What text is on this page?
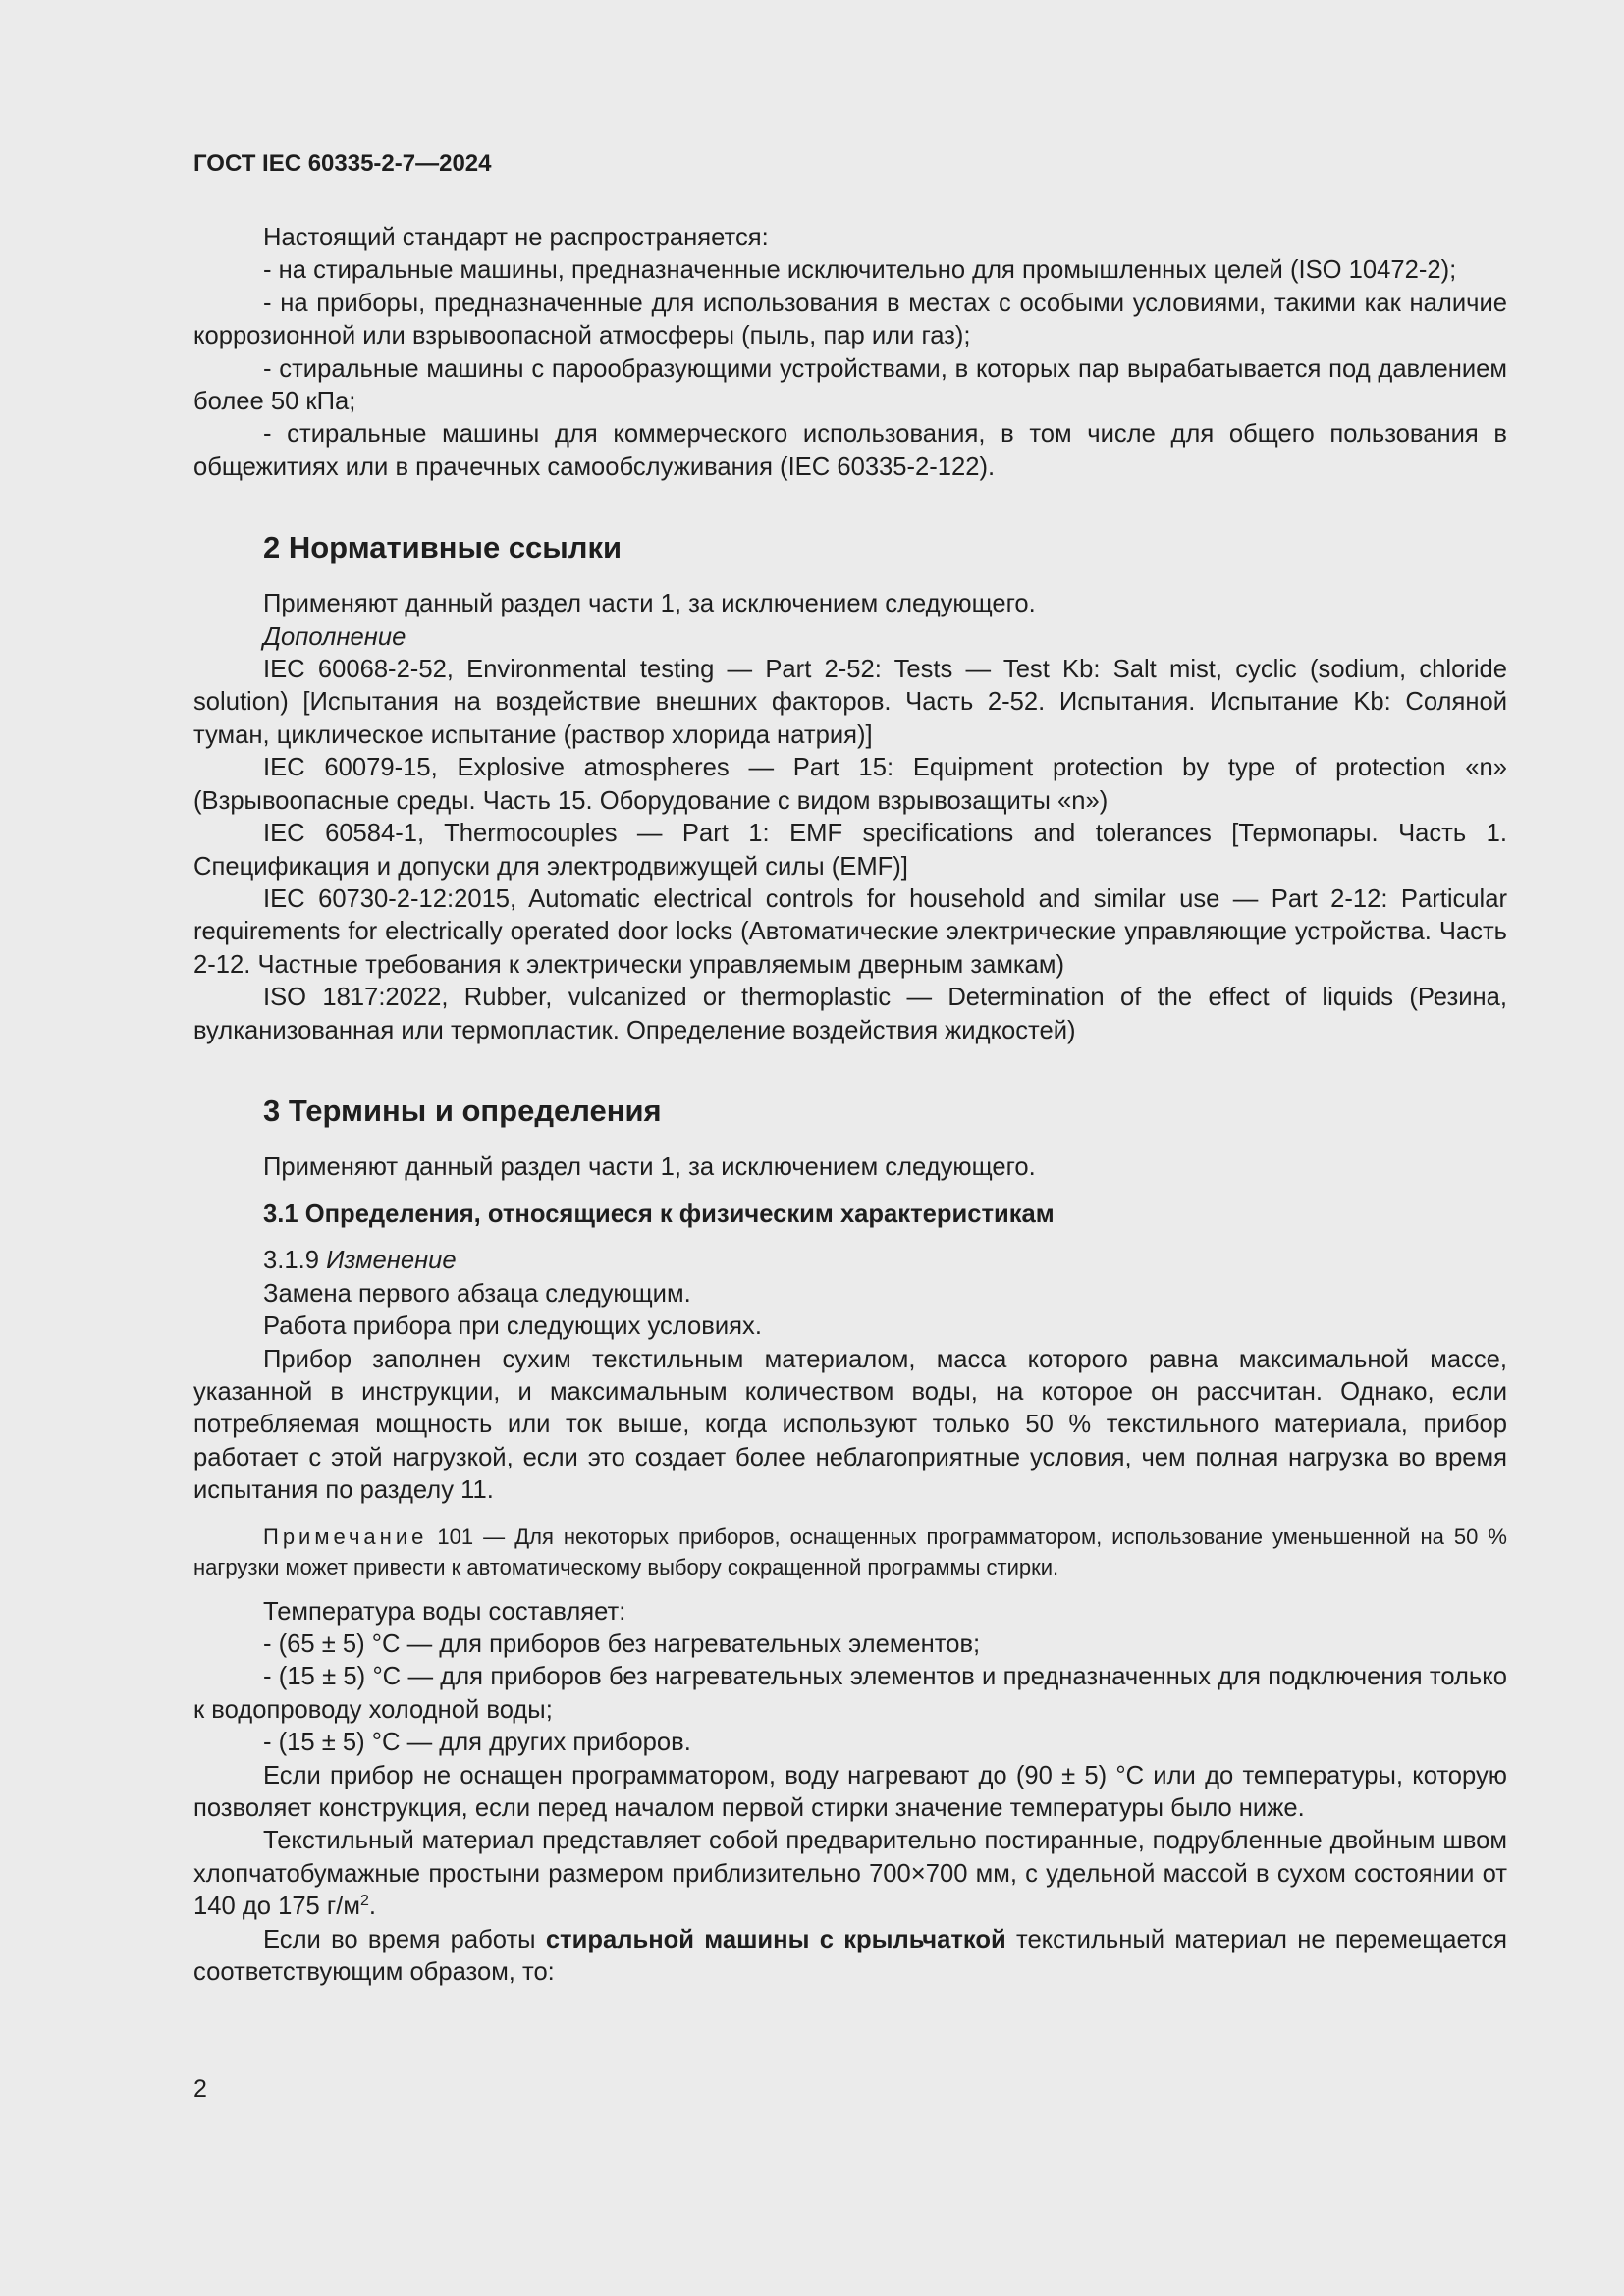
ГОСТ IEC 60335-2-7—2024

Настоящий стандарт не распространяется:

- на стиральные машины, предназначенные исключительно для промышленных целей (ISO 10472-2);

- на приборы, предназначенные для использования в местах с особыми условиями, такими как наличие коррозионной или взрывоопасной атмосферы (пыль, пар или газ);

- стиральные машины с парообразующими устройствами, в которых пар вырабатывается под давлением более 50 кПа;

- стиральные машины для коммерческого использования, в том числе для общего пользования в общежитиях или в прачечных самообслуживания (IEC 60335-2-122).

2 Нормативные ссылки

Применяют данный раздел части 1, за исключением следующего.

Дополнение

IEC 60068-2-52, Environmental testing — Part 2-52: Tests — Test Kb: Salt mist, cyclic (sodium, chloride solution) [Испытания на воздействие внешних факторов. Часть 2-52. Испытания. Испытание Kb: Соляной туман, циклическое испытание (раствор хлорида натрия)]

IEC 60079-15, Explosive atmospheres — Part 15: Equipment protection by type of protection «n» (Взрывоопасные среды. Часть 15. Оборудование с видом взрывозащиты «n»)

IEC 60584-1, Thermocouples — Part 1: EMF specifications and tolerances [Термопары. Часть 1. Спецификация и допуски для электродвижущей силы (EMF)]

IEC 60730-2-12:2015, Automatic electrical controls for household and similar use — Part 2-12: Particular requirements for electrically operated door locks (Автоматические электрические управляющие устройства. Часть 2-12. Частные требования к электрически управляемым дверным замкам)

ISO 1817:2022, Rubber, vulcanized or thermoplastic — Determination of the effect of liquids (Резина, вулканизованная или термопластик. Определение воздействия жидкостей)

3 Термины и определения

Применяют данный раздел части 1, за исключением следующего.

3.1 Определения, относящиеся к физическим характеристикам

3.1.9 Изменение

Замена первого абзаца следующим.

Работа прибора при следующих условиях.

Прибор заполнен сухим текстильным материалом, масса которого равна максимальной массе, указанной в инструкции, и максимальным количеством воды, на которое он рассчитан. Однако, если потребляемая мощность или ток выше, когда используют только 50 % текстильного материала, прибор работает с этой нагрузкой, если это создает более неблагоприятные условия, чем полная нагрузка во время испытания по разделу 11.

Примечание 101 — Для некоторых приборов, оснащенных программатором, использование уменьшенной на 50 % нагрузки может привести к автоматическому выбору сокращенной программы стирки.

Температура воды составляет:

- (65 ± 5) °C — для приборов без нагревательных элементов;

- (15 ± 5) °C — для приборов без нагревательных элементов и предназначенных для подключения только к водопроводу холодной воды;

- (15 ± 5) °C — для других приборов.

Если прибор не оснащен программатором, воду нагревают до (90 ± 5) °C или до температуры, которую позволяет конструкция, если перед началом первой стирки значение температуры было ниже.

Текстильный материал представляет собой предварительно постиранные, подрубленные двойным швом хлопчатобумажные простыни размером приблизительно 700×700 мм, с удельной массой в сухом состоянии от 140 до 175 $г/м^2$.

Если во время работы стиральной машины с крыльчаткой текстильный материал не перемещается соответствующим образом, то:

2
